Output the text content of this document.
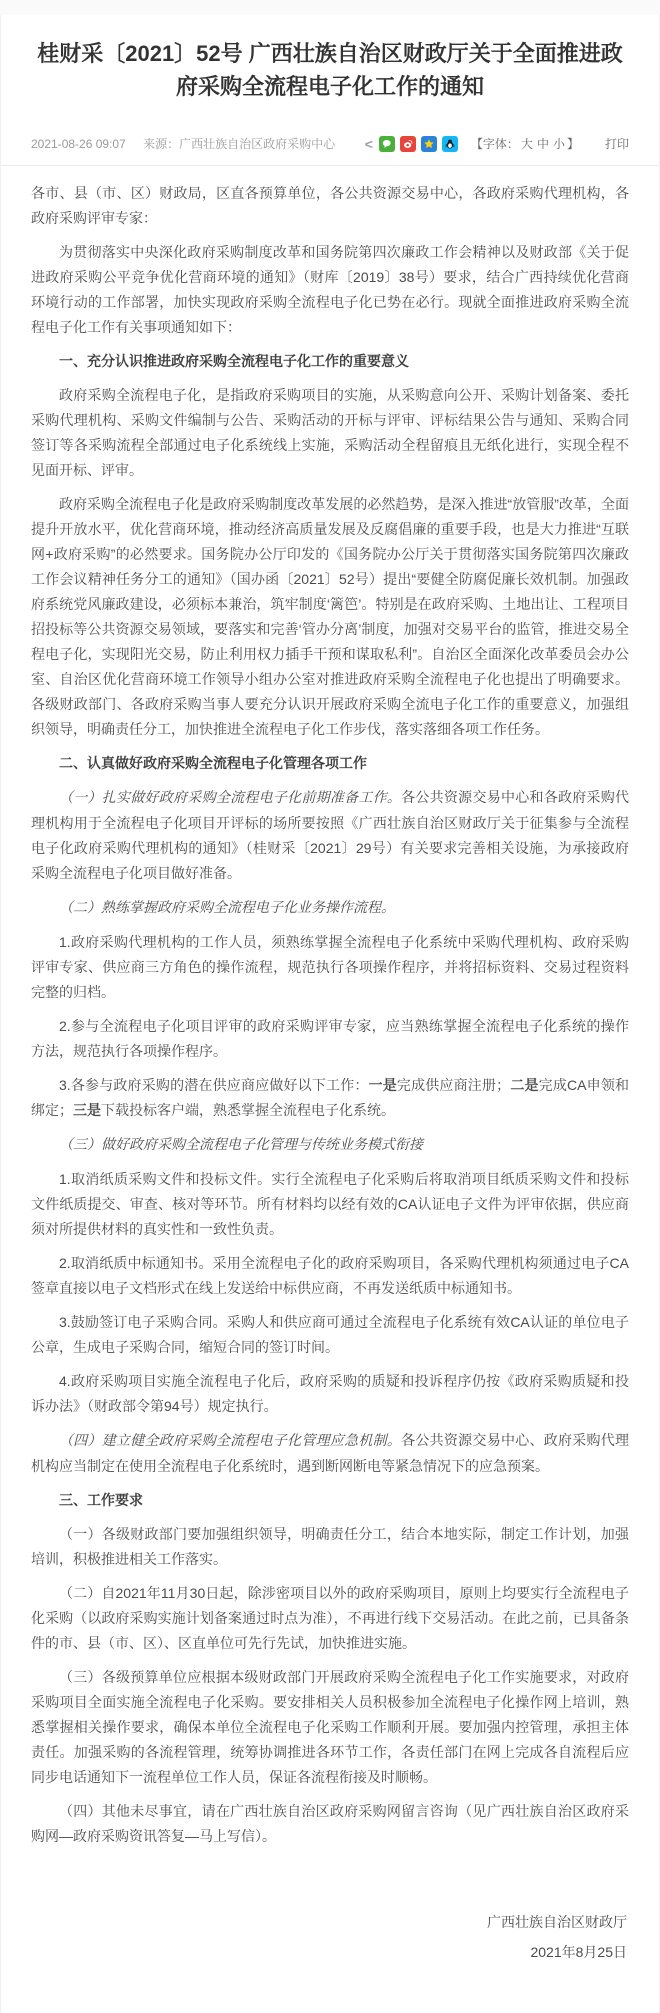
桂财采〔2021〕52号 广西壮族自治区财政厅关于全面推进政府采购全流程电子化工作的通知
2021-08-26 09:07 来源：广西壮族自治区政府采购中心	<	【字体： 大 中 小 】 打印

各市、县（市、区）财政局，区直各预算单位，各公共资源交易中心，各政府采购代理机构，各政府采购评审专家：

为贯彻落实中央深化政府采购制度改革和国务院第四次廉政工作会精神以及财政部《关于促进政府采购公平竞争优化营商环境的通知》（财库〔2019〕38号）要求，结合广西持续优化营商环境行动的工作部署，加快实现政府采购全流程电子化已势在必行。现就全面推进政府采购全流程电子化工作有关事项通知如下：

一、充分认识推进政府采购全流程电子化工作的重要意义

政府采购全流程电子化，是指政府采购项目的实施，从采购意向公开、采购计划备案、委托采购代理机构、采购文件编制与公告、采购活动的开标与评审、评标结果公告与通知、采购合同签订等各采购流程全部通过电子化系统线上实施，采购活动全程留痕且无纸化进行，实现全程不见面开标、评审。

政府采购全流程电子化是政府采购制度改革发展的必然趋势，是深入推进“放管服”改革，全面提升开放水平，优化营商环境，推动经济高质量发展及反腐倡廉的重要手段，也是大力推进“互联网+政府采购”的必然要求。国务院办公厅印发的《国务院办公厅关于贯彻落实国务院第四次廉政工作会议精神任务分工的通知》（国办函〔2021〕52号）提出“要健全防腐促廉长效机制。加强政府系统党风廉政建设，必须标本兼治，筑牢制度‘篱笆’。特别是在政府采购、土地出让、工程项目招投标等公共资源交易领域，要落实和完善‘管办分离’制度，加强对交易平台的监管，推进交易全程电子化，实现阳光交易，防止利用权力插手干预和谋取私利”。自治区全面深化改革委员会办公室、自治区优化营商环境工作领导小组办公室对推进政府采购全流程电子化也提出了明确要求。各级财政部门、各政府采购当事人要充分认识开展政府采购全流电子化工作的重要意义，加强组织领导，明确责任分工，加快推进全流程电子化工作步伐，落实落细各项工作任务。

二、认真做好政府采购全流程电子化管理各项工作

（一）扎实做好政府采购全流程电子化前期准备工作。各公共资源交易中心和各政府采购代理机构用于全流程电子化项目开评标的场所要按照《广西壮族自治区财政厅关于征集参与全流程电子化政府采购代理机构的通知》（桂财采〔2021〕29号）有关要求完善相关设施，为承接政府采购全流程电子化项目做好准备。

（二）熟练掌握政府采购全流程电子化业务操作流程。

1.政府采购代理机构的工作人员，须熟练掌握全流程电子化系统中采购代理机构、政府采购评审专家、供应商三方角色的操作流程，规范执行各项操作程序，并将招标资料、交易过程资料完整的归档。

2.参与全流程电子化项目评审的政府采购评审专家，应当熟练掌握全流程电子化系统的操作方法，规范执行各项操作程序。

3.各参与政府采购的潜在供应商应做好以下工作：一是完成供应商注册；二是完成CA申领和绑定；三是下载投标客户端，熟悉掌握全流程电子化系统。

（三）做好政府采购全流程电子化管理与传统业务模式衔接

1.取消纸质采购文件和投标文件。实行全流程电子化采购后将取消项目纸质采购文件和投标文件纸质提交、审查、核对等环节。所有材料均以经有效的CA认证电子文件为评审依据，供应商须对所提供材料的真实性和一致性负责。

2.取消纸质中标通知书。采用全流程电子化的政府采购项目，各采购代理机构须通过电子CA签章直接以电子文档形式在线上发送给中标供应商，不再发送纸质中标通知书。

3.鼓励签订电子采购合同。采购人和供应商可通过全流程电子化系统有效CA认证的单位电子公章，生成电子采购合同，缩短合同的签订时间。

4.政府采购项目实施全流程电子化后，政府采购的质疑和投诉程序仍按《政府采购质疑和投诉办法》（财政部令第94号）规定执行。

（四）建立健全政府采购全流程电子化管理应急机制。各公共资源交易中心、政府采购代理机构应当制定在使用全流程电子化系统时，遇到断网断电等紧急情况下的应急预案。

三、工作要求

（一）各级财政部门要加强组织领导，明确责任分工，结合本地实际，制定工作计划，加强培训，积极推进相关工作落实。

（二）自2021年11月30日起，除涉密项目以外的政府采购项目，原则上均要实行全流程电子化采购（以政府采购实施计划备案通过时点为准），不再进行线下交易活动。在此之前，已具备条件的市、县（市、区）、区直单位可先行先试，加快推进实施。

（三）各级预算单位应根据本级财政部门开展政府采购全流程电子化工作实施要求，对政府采购项目全面实施全流程电子化采购。要安排相关人员积极参加全流程电子化操作网上培训，熟悉掌握相关操作要求，确保本单位全流程电子化采购工作顺利开展。要加强内控管理，承担主体责任。加强采购的各流程管理，统筹协调推进各环节工作，各责任部门在网上完成各自流程后应同步电话通知下一流程单位工作人员，保证各流程衔接及时顺畅。

（四）其他未尽事宜，请在广西壮族自治区政府采购网留言咨询（见广西壮族自治区政府采购网—政府采购资讯答复—马上写信）。

广西壮族自治区财政厅
2021年8月25日
